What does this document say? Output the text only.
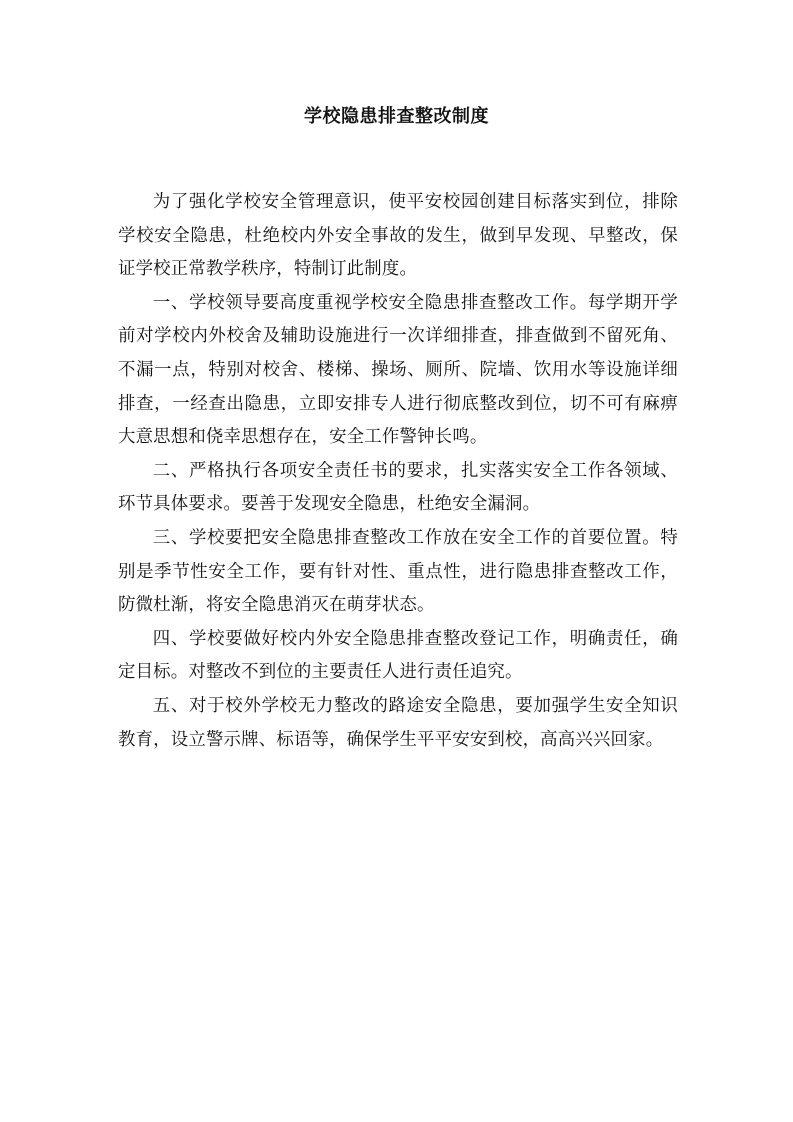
学校隐患排查整改制度

为了强化学校安全管理意识，使平安校园创建目标落实到位，排除学校安全隐患，杜绝校内外安全事故的发生，做到早发现、早整改，保证学校正常教学秩序，特制订此制度。

一、学校领导要高度重视学校安全隐患排查整改工作。每学期开学前对学校内外校舍及辅助设施进行一次详细排查，排查做到不留死角、不漏一点，特别对校舍、楼梯、操场、厕所、院墙、饮用水等设施详细排查，一经查出隐患，立即安排专人进行彻底整改到位，切不可有麻痹大意思想和侥幸思想存在，安全工作警钟长鸣。

二、严格执行各项安全责任书的要求，扎实落实安全工作各领域、环节具体要求。要善于发现安全隐患，杜绝安全漏洞。

三、学校要把安全隐患排查整改工作放在安全工作的首要位置。特别是季节性安全工作，要有针对性、重点性，进行隐患排查整改工作，防微杜渐，将安全隐患消灭在萌芽状态。

四、学校要做好校内外安全隐患排查整改登记工作，明确责任，确定目标。对整改不到位的主要责任人进行责任追究。

五、对于校外学校无力整改的路途安全隐患，要加强学生安全知识教育，设立警示牌、标语等，确保学生平平安安到校，高高兴兴回家。
